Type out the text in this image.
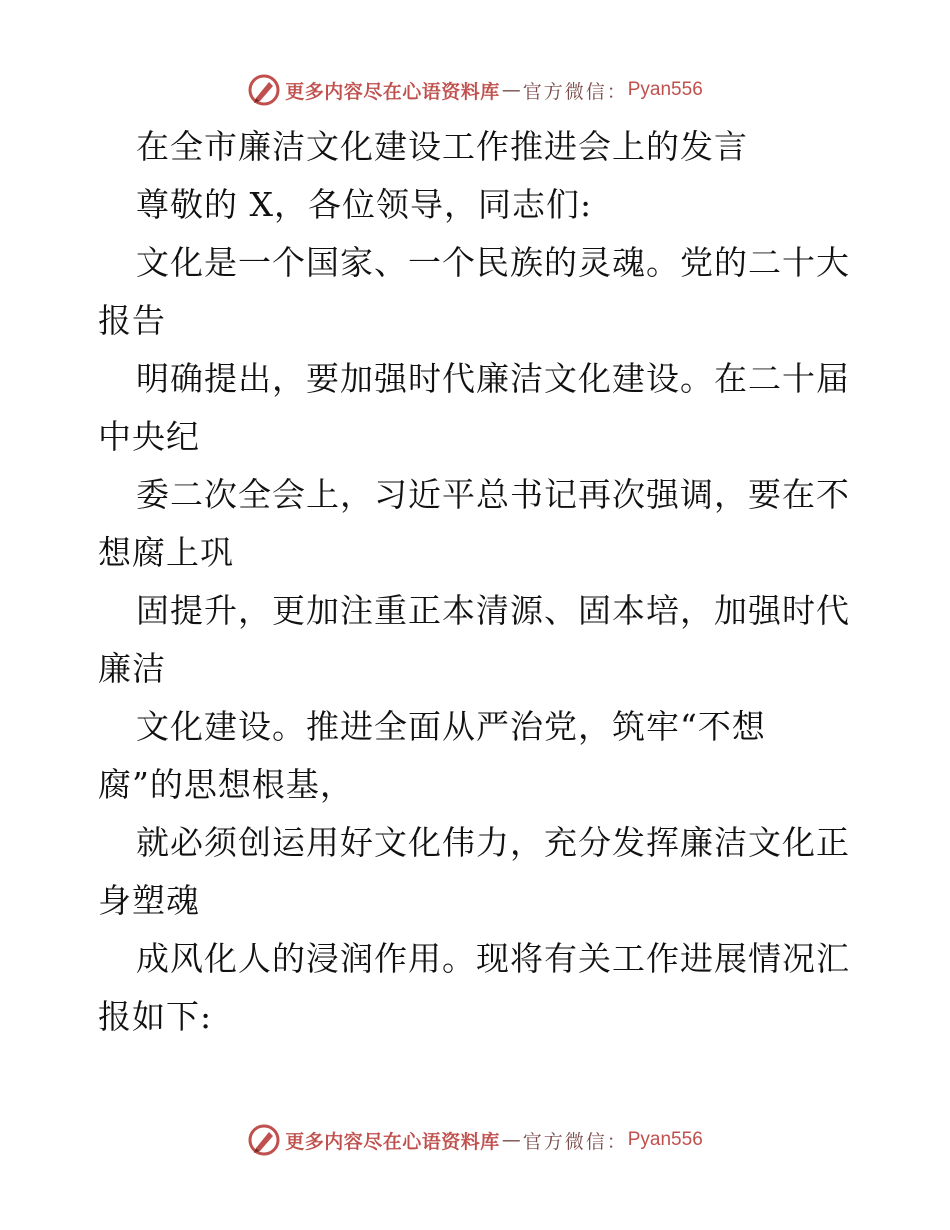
更多内容尽在心语资料库 — 官方微信： Pyan556
在全市廉洁文化建设工作推进会上的发言
尊敬的 X，各位领导，同志们:
文化是一个国家、一个民族的灵魂。党的二十大
报告
明确提出，要加强时代廉洁文化建设。在二十届
中央纪
委二次全会上，习近平总书记再次强调，要在不
想腐上巩
固提升，更加注重正本清源、固本培，加强时代
廉洁
文化建设。推进全面从严治党，筑牢“不想
腐”的思想根基，
就必须创运用好文化伟力，充分发挥廉洁文化正
身塑魂
成风化人的浸润作用。现将有关工作进展情况汇
报如下:
更多内容尽在心语资料库 — 官方微信： Pyan556
